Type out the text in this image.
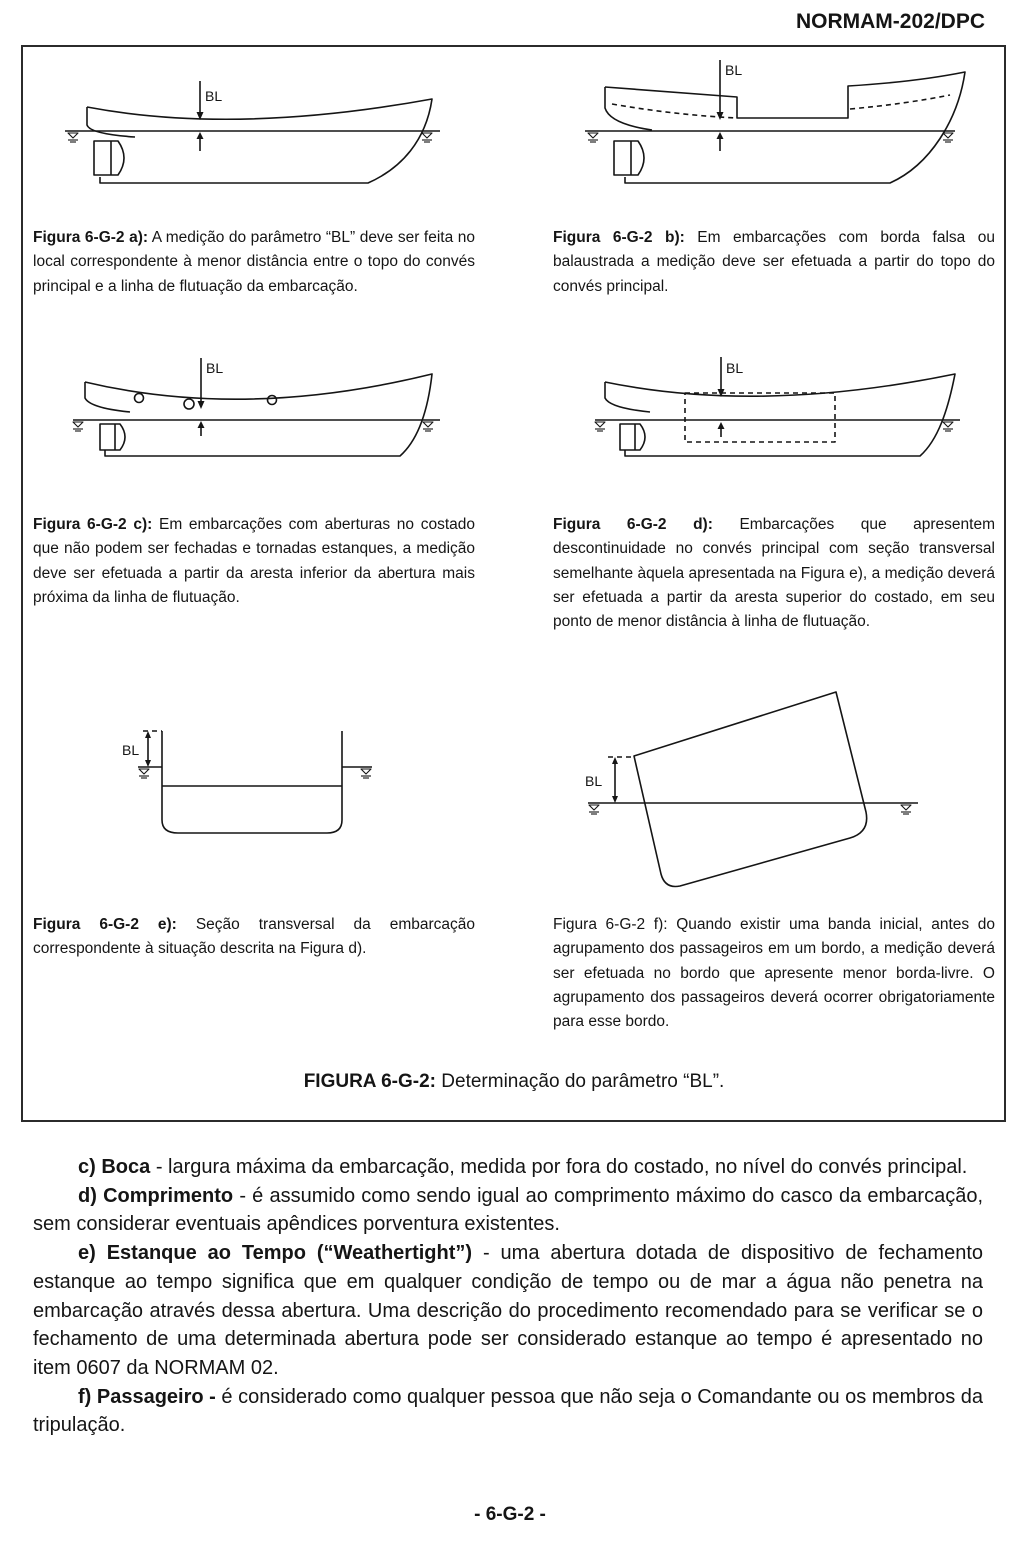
NORMAM-202/DPC
BL
BL
BL	BL
BL
BL
Figura 6-G-2 a): A medição do parâmetro “BL” deve ser feita no local correspondente à menor distância entre o topo do convés principal e a linha de flutuação da embarcação.
Figura 6-G-2 b): Em embarcações com borda falsa ou balaustrada a medição deve ser efetuada a partir do topo do convés principal.
Figura 6-G-2 c): Em embarcações com aberturas no costado que não podem ser fechadas e tornadas estanques, a medição deve ser efetuada a partir da aresta inferior da abertura mais próxima da linha de flutuação.
Figura 6-G-2 d): Embarcações que apresentem descontinuidade no convés principal com seção transversal semelhante àquela apresentada na Figura e), a medição deverá ser efetuada a partir da aresta superior do costado, em seu ponto de menor distância à linha de flutuação.
Figura 6-G-2 e): Seção transversal da embarcação correspondente à situação descrita na Figura d).
Figura 6-G-2 f): Quando existir uma banda inicial, antes do agrupamento dos passageiros em um bordo, a medição deverá ser efetuada no bordo que apresente menor borda-livre. O agrupamento dos passageiros deverá ocorrer obrigatoriamente para esse bordo.
FIGURA 6-G-2: Determinação do parâmetro “BL”.

c) Boca - largura máxima da embarcação, medida por fora do costado, no nível do convés principal.

d) Comprimento - é assumido como sendo igual ao comprimento máximo do casco da embarcação, sem considerar eventuais apêndices porventura existentes.

e) Estanque ao Tempo (“Weathertight”) - uma abertura dotada de dispositivo de fechamento estanque ao tempo significa que em qualquer condição de tempo ou de mar a água não penetra na embarcação através dessa abertura. Uma descrição do procedimento recomendado para se verificar se o fechamento de uma determinada abertura pode ser considerado estanque ao tempo é apresentado no item 0607 da NORMAM 02.

f) Passageiro - é considerado como qualquer pessoa que não seja o Comandante ou os membros da tripulação.

- 6-G-2 -
